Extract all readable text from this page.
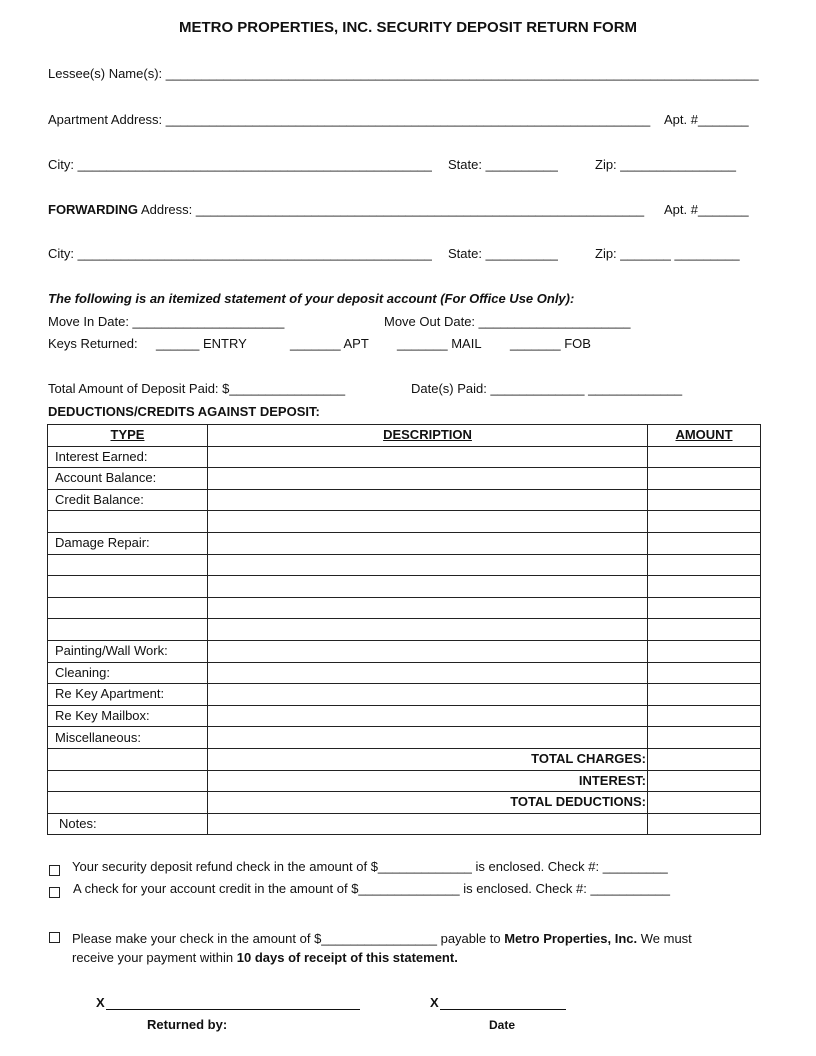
METRO PROPERTIES, INC. SECURITY DEPOSIT RETURN FORM
Lessee(s) Name(s): __________________________________________________________________________________
Apartment Address: ___________________________________________________________________ Apt. #_______
City: _________________________________________________ State: __________	Zip: ________________
FORWARDING Address: ______________________________________________________________ Apt. #_______
City: _________________________________________________ State: __________	Zip: _______ _________
The following is an itemized statement of your deposit account (For Office Use Only):
Move In Date: _____________________	Move Out Date: _____________________
Keys Returned: ______ ENTRY	_______ APT _______ MAIL _______ FOB
Total Amount of Deposit Paid: $________________	Date(s) Paid: _____________ _____________
DEDUCTIONS/CREDITS AGAINST DEPOSIT:
TYPE	DESCRIPTION	AMOUNT
Interest Earned:		
Account Balance:		
Credit Balance:		

Damage Repair:		

Painting/Wall Work:		
Cleaning:		
Re Key Apartment:		
Re Key Mailbox:		
Miscellaneous:		
	TOTAL CHARGES:	
	INTEREST:	
	TOTAL DEDUCTIONS:	
Notes:		
Your security deposit refund check in the amount of $_____________ is enclosed. Check #: _________
A check for your account credit in the amount of $______________ is enclosed. Check #: ___________
Please make your check in the amount of $________________ payable to Metro Properties, Inc. We must
receive your payment within 10 days of receipt of this statement.
X
Returned by:
X
Date
